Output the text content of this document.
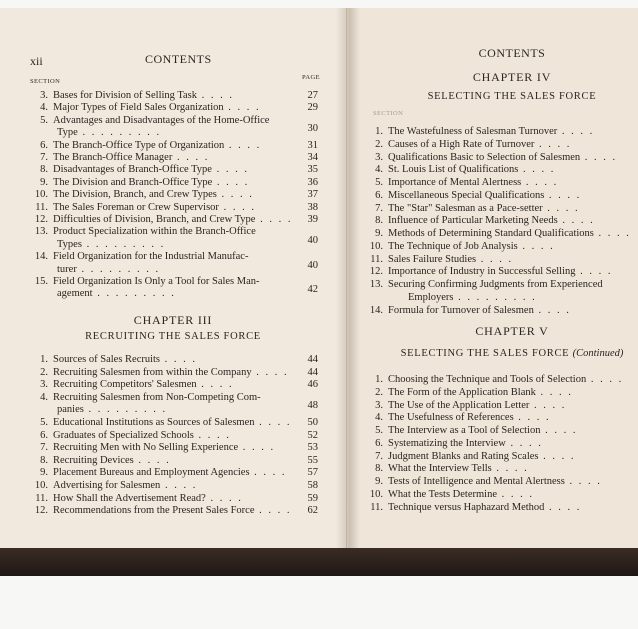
xii	CONTENTS
SECTION
PAGE
3. Bases for Division of Selling Task . . . .	27
4. Major Types of Field Sales Organization . . . .	29
5. Advantages and Disadvantages of the Home-Office
Type . . . . . . . . .	30
6. The Branch-Office Type of Organization . . . .	31
7. The Branch-Office Manager . . . .	34
8. Disadvantages of Branch-Office Type . . . .	35
9. The Division and Branch-Office Type . . . .	36
10. The Division, Branch, and Crew Types . . . .	37
11. The Sales Foreman or Crew Supervisor . . . .	38
12. Difficulties of Division, Branch, and Crew Type . . . .	39
13. Product Specialization within the Branch-Office
Types . . . . . . . . .	40
14. Field Organization for the Industrial Manufac-
turer . . . . . . . . .	40
15. Field Organization Is Only a Tool for Sales Man-
agement . . . . . . . . .	42
CHAPTER III
RECRUITING THE SALES FORCE
1. Sources of Sales Recruits . . . .	44
2. Recruiting Salesmen from within the Company . . . .	44
3. Recruiting Competitors' Salesmen . . . .	46
4. Recruiting Salesmen from Non-Competing Com-
panies . . . . . . . . .	48
5. Educational Institutions as Sources of Salesmen . . . .	50
6. Graduates of Specialized Schools . . . .	52
7. Recruiting Men with No Selling Experience . . . .	53
8. Recruiting Devices . . . .	55
9. Placement Bureaus and Employment Agencies . . . .	57
10. Advertising for Salesmen . . . .	58
11. How Shall the Advertisement Read? . . . .	59
12. Recommendations from the Present Sales Force . . . .	62
CONTENTS
CHAPTER IV
SELECTING THE SALES FORCE
SECTION
1. The Wastefulness of Salesman Turnover . . . .
2. Causes of a High Rate of Turnover . . . .
3. Qualifications Basic to Selection of Salesmen . . . .
4. St. Louis List of Qualifications . . . .
5. Importance of Mental Alertness . . . .
6. Miscellaneous Special Qualifications . . . .
7. The "Star" Salesman as a Pace-setter . . . .
8. Influence of Particular Marketing Needs . . . .
9. Methods of Determining Standard Qualifications . . . .
10. The Technique of Job Analysis . . . .
11. Sales Failure Studies . . . .
12. Importance of Industry in Successful Selling . . . .
13. Securing Confirming Judgments from Experienced
Employers . . . . . . . . .
14. Formula for Turnover of Salesmen . . . .
CHAPTER V
SELECTING THE SALES FORCE (Continued)
1. Choosing the Technique and Tools of Selection . . . .
2. The Form of the Application Blank . . . .
3. The Use of the Application Letter . . . .
4. The Usefulness of References . . . .
5. The Interview as a Tool of Selection . . . .
6. Systematizing the Interview . . . .
7. Judgment Blanks and Rating Scales . . . .
8. What the Interview Tells . . . .
9. Tests of Intelligence and Mental Alertness . . . .
10. What the Tests Determine . . . .
11. Technique versus Haphazard Method . . . .
